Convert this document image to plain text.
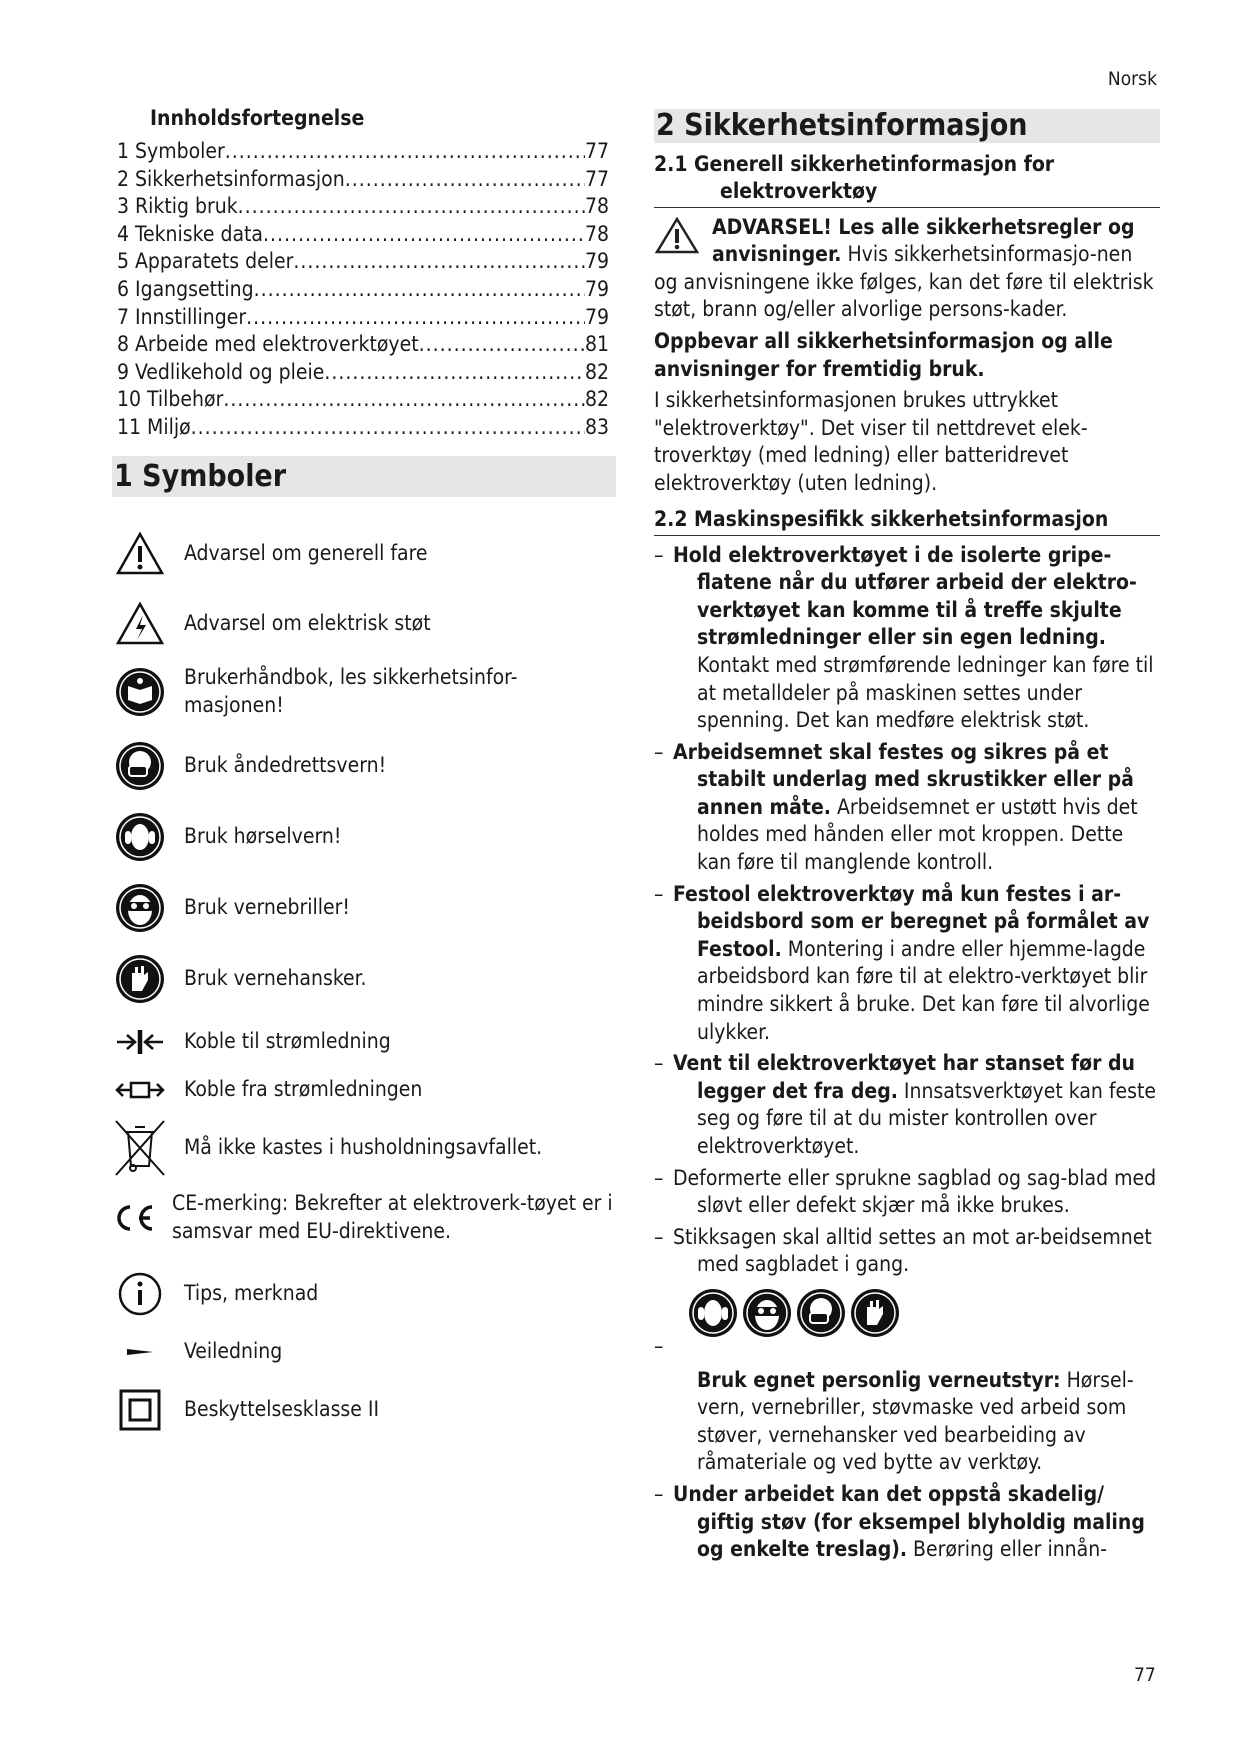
Norsk
Innholdsfortegnelse
1 Symboler .....	77
2 Sikkerhetsinformasjon .....	77
3 Riktig bruk .....	78
4 Tekniske data .....	78
5 Apparatets deler .....	79
6 Igangsetting .....	79
7 Innstillinger .....	79
8 Arbeide med elektroverktøyet .....	81
9 Vedlikehold og pleie .....	82
10 Tilbehør .....	82
11 Miljø .....	83
1 Symboler
Advarsel om generell fare
Advarsel om elektrisk støt
Brukerhåndbok, les sikkerhetsinfor-masjonen!
Bruk åndedrettsvern!
Bruk hørselvern!
Bruk vernebriller!
Bruk vernehansker.
Koble til strømledning
Koble fra strømledningen
Må ikke kastes i husholdningsavfallet.
CE-merking: Bekrefter at elektroverk-tøyet er i samsvar med EU-direktivene.
Tips, merknad
Veiledning
Beskyttelsesklasse II
2 Sikkerhetsinformasjon
2.1 Generell sikkerhetinformasjon for
elektroverktøy

ADVARSEL! Les alle sikkerhetsregler og anvisninger. Hvis sikkerhetsinformasjo-nen og anvisningene ikke følges, kan det føre til elektrisk støt, brann og/eller alvorlige persons-kader.

Oppbevar all sikkerhetsinformasjon og alle anvisninger for fremtidig bruk.

I sikkerhetsinformasjonen brukes uttrykket "elektroverktøy". Det viser til nettdrevet elek-troverktøy (med ledning) eller batteridrevet elektroverktøy (uten ledning).

2.2 Maskinspesifikk sikkerhetsinformasjon
– Hold elektroverktøyet i de isolerte gripe-flatene når du utfører arbeid der elektro-verktøyet kan komme til å treffe skjulte strømledninger eller sin egen ledning. Kontakt med strømførende ledninger kan føre til at metalldeler på maskinen settes under spenning. Det kan medføre elektrisk støt.
– Arbeidsemnet skal festes og sikres på et stabilt underlag med skrustikker eller på annen måte. Arbeidsemnet er ustøtt hvis det holdes med hånden eller mot kroppen. Dette kan føre til manglende kontroll.
– Festool elektroverktøy må kun festes i ar-beidsbord som er beregnet på formålet av Festool. Montering i andre eller hjemme-lagde arbeidsbord kan føre til at elektro-verktøyet blir mindre sikkert å bruke. Det kan føre til alvorlige ulykker.
– Vent til elektroverktøyet har stanset før du legger det fra deg. Innsatsverktøyet kan feste seg og føre til at du mister kontrollen over elektroverktøyet.
– Deformerte eller sprukne sagblad og sag-blad med sløvt eller defekt skjær må ikke brukes.
– Stikksagen skal alltid settes an mot ar-beidsemnet med sagbladet i gang.
–
Bruk egnet personlig verneutstyr: Hørsel-vern, vernebriller, støvmaske ved arbeid som støver, vernehansker ved bearbeiding av råmateriale og ved bytte av verktøy.
– Under arbeidet kan det oppstå skadelig/ giftig støv (for eksempel blyholdig maling og enkelte treslag). Berøring eller innån-
77
